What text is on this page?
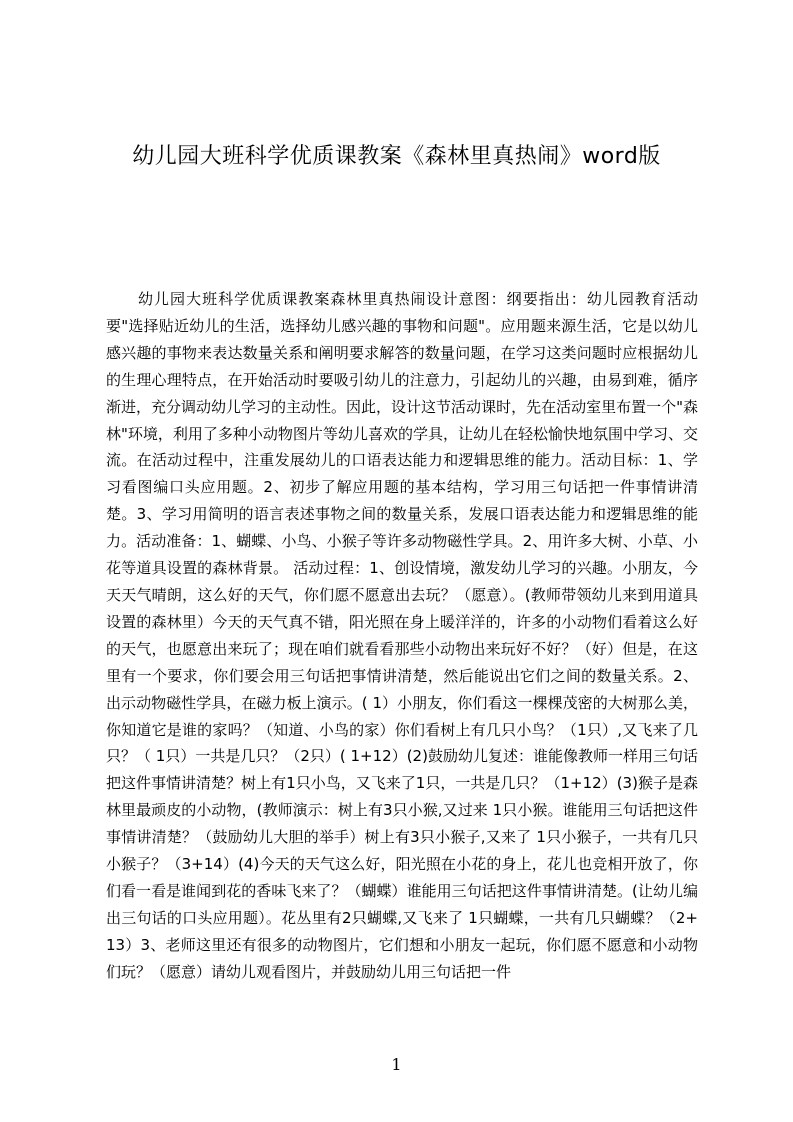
幼儿园大班科学优质课教案《森林里真热闹》word版

幼儿园大班科学优质课教案森林里真热闹设计意图：纲要指出：幼儿园教育活动要"选择贴近幼儿的生活，选择幼儿感兴趣的事物和问题"。应用题来源生活，它是以幼儿感兴趣的事物来表达数量关系和阐明要求解答的数量问题，在学习这类问题时应根据幼儿的生理心理特点，在开始活动时要吸引幼儿的注意力，引起幼儿的兴趣，由易到难，循序渐进，充分调动幼儿学习的主动性。因此，设计这节活动课时，先在活动室里布置一个"森林"环境，利用了多种小动物图片等幼儿喜欢的学具，让幼儿在轻松愉快地氛围中学习、交流。在活动过程中，注重发展幼儿的口语表达能力和逻辑思维的能力。活动目标：1、学习看图编口头应用题。2、初步了解应用题的基本结构，学习用三句话把一件事情讲清楚。3、学习用简明的语言表述事物之间的数量关系，发展口语表达能力和逻辑思维的能力。活动准备：1、蝴蝶、小鸟、小猴子等许多动物磁性学具。2、用许多大树、小草、小花等道具设置的森林背景。 活动过程：1、创设情境，激发幼儿学习的兴趣。小朋友，今天天气晴朗，这么好的天气，你们愿不愿意出去玩？（愿意）。(教师带领幼儿来到用道具设置的森林里）今天的天气真不错，阳光照在身上暖洋洋的，许多的小动物们看着这么好的天气，也愿意出来玩了；现在咱们就看看那些小动物出来玩好不好？（好）但是，在这里有一个要求，你们要会用三句话把事情讲清楚，然后能说出它们之间的数量关系。2、出示动物磁性学具，在磁力板上演示。( 1）小朋友，你们看这一棵棵茂密的大树那么美，你知道它是谁的家吗？（知道、小鸟的家）你们看树上有几只小鸟？（1只）,又飞来了几只？（ 1只）一共是几只？（2只）( 1+12）(2)鼓励幼儿复述：谁能像教师一样用三句话把这件事情讲清楚？树上有1只小鸟，又飞来了1只，一共是几只？（1+12）(3)猴子是森林里最顽皮的小动物，(教师演示：树上有3只小猴,又过来 1只小猴。谁能用三句话把这件事情讲清楚？（鼓励幼儿大胆的举手）树上有3只小猴子,又来了 1只小猴子，一共有几只小猴子？（3+14）(4)今天的天气这么好，阳光照在小花的身上，花儿也竞相开放了，你们看一看是谁闻到花的香味飞来了？（蝴蝶）谁能用三句话把这件事情讲清楚。(让幼儿编出三句话的口头应用题）。花丛里有2只蝴蝶,又飞来了 1只蝴蝶，一共有几只蝴蝶？（2+13）3、老师这里还有很多的动物图片，它们想和小朋友一起玩，你们愿不愿意和小动物们玩？（愿意）请幼儿观看图片，并鼓励幼儿用三句话把一件

1
